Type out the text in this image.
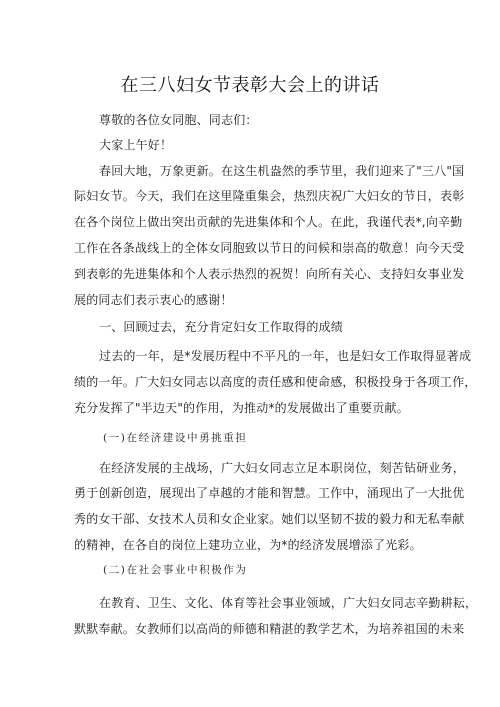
在三八妇女节表彰大会上的讲话
尊敬的各位女同胞、同志们：
大家上午好！
春回大地，万象更新。在这生机盎然的季节里，我们迎来了"三八"国
际妇女节。今天，我们在这里隆重集会，热烈庆祝广大妇女的节日，表彰
在各个岗位上做出突出贡献的先进集体和个人。在此，我谨代表*,向辛勤
工作在各条战线上的全体女同胞致以节日的问候和崇高的敬意！向今天受
到表彰的先进集体和个人表示热烈的祝贺！向所有关心、支持妇女事业发
展的同志们表示衷心的感谢！
一、回顾过去，充分肯定妇女工作取得的成绩
过去的一年，是*发展历程中不平凡的一年，也是妇女工作取得显著成
绩的一年。广大妇女同志以高度的责任感和使命感，积极投身于各项工作，
充分发挥了"半边天"的作用，为推动*的发展做出了重要贡献。
(一)在经济建设中勇挑重担
在经济发展的主战场，广大妇女同志立足本职岗位，刻苦钻研业务，
勇于创新创造，展现出了卓越的才能和智慧。工作中，涌现出了一大批优
秀的女干部、女技术人员和女企业家。她们以坚韧不拔的毅力和无私奉献
的精神，在各自的岗位上建功立业，为*的经济发展增添了光彩。
(二)在社会事业中积极作为
在教育、卫生、文化、体育等社会事业领域，广大妇女同志辛勤耕耘，
默默奉献。女教师们以高尚的师德和精湛的教学艺术，为培养祖国的未来
